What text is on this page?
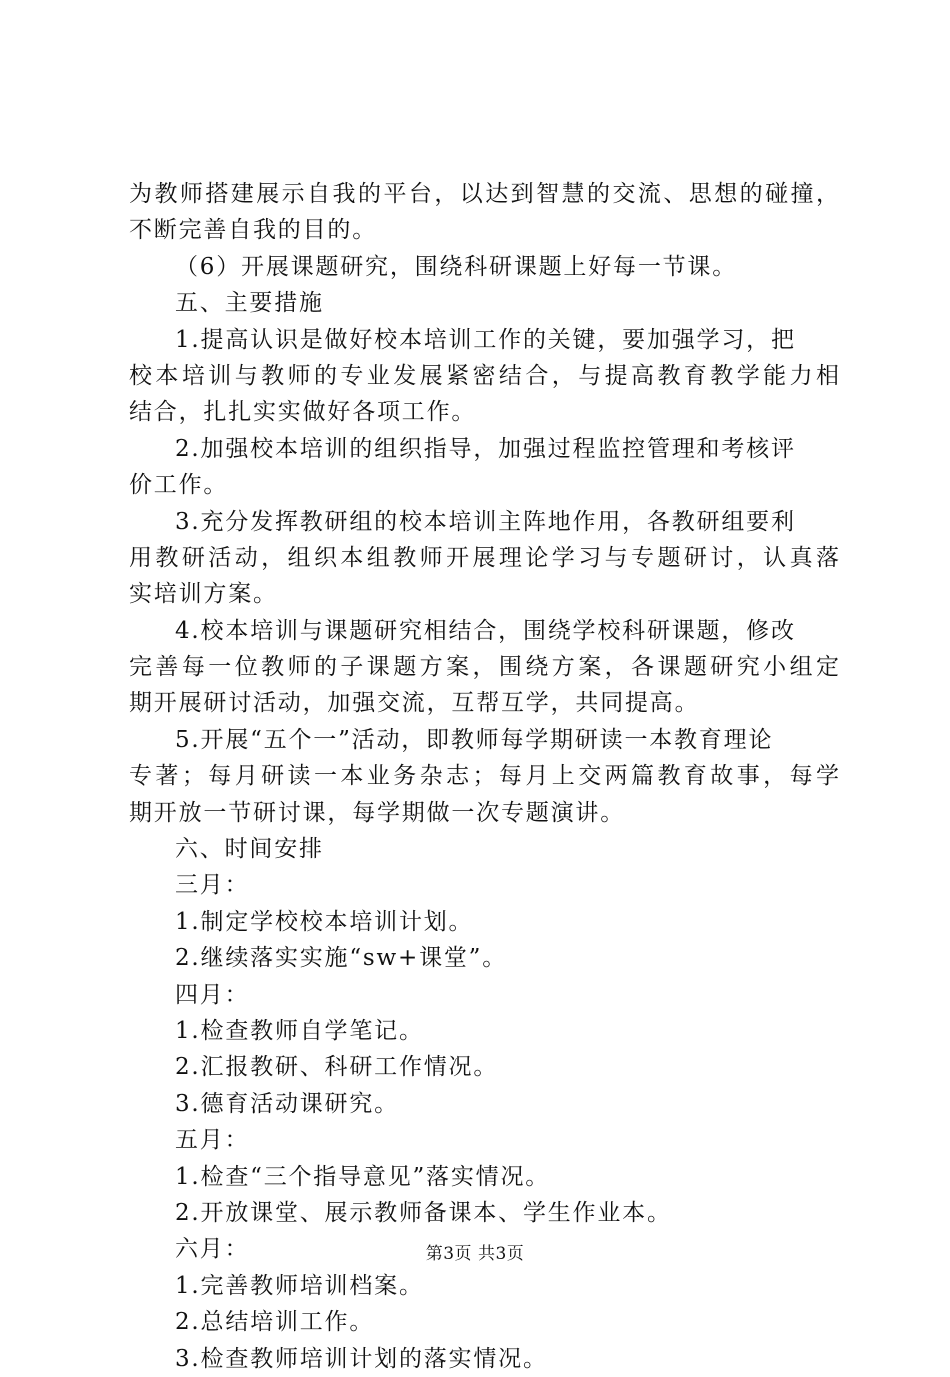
为教师搭建展示自我的平台，以达到智慧的交流、思想的碰撞，
不断完善自我的目的。
（6）开展课题研究，围绕科研课题上好每一节课。
五、主要措施
1.提高认识是做好校本培训工作的关键，要加强学习，把
校本培训与教师的专业发展紧密结合，与提高教育教学能力相
结合，扎扎实实做好各项工作。
2.加强校本培训的组织指导，加强过程监控管理和考核评
价工作。
3.充分发挥教研组的校本培训主阵地作用，各教研组要利
用教研活动，组织本组教师开展理论学习与专题研讨，认真落
实培训方案。
4.校本培训与课题研究相结合，围绕学校科研课题，修改
完善每一位教师的子课题方案，围绕方案，各课题研究小组定
期开展研讨活动，加强交流，互帮互学，共同提高。
5.开展“五个一”活动，即教师每学期研读一本教育理论
专著；每月研读一本业务杂志；每月上交两篇教育故事，每学
期开放一节研讨课，每学期做一次专题演讲。
六、时间安排
三月：
1.制定学校校本培训计划。
2.继续落实实施“sw+课堂”。
四月：
1.检查教师自学笔记。
2.汇报教研、科研工作情况。
3.德育活动课研究。
五月：
1.检查“三个指导意见”落实情况。
2.开放课堂、展示教师备课本、学生作业本。
六月：
1.完善教师培训档案。
2.总结培训工作。
3.检查教师培训计划的落实情况。
第3页 共3页
